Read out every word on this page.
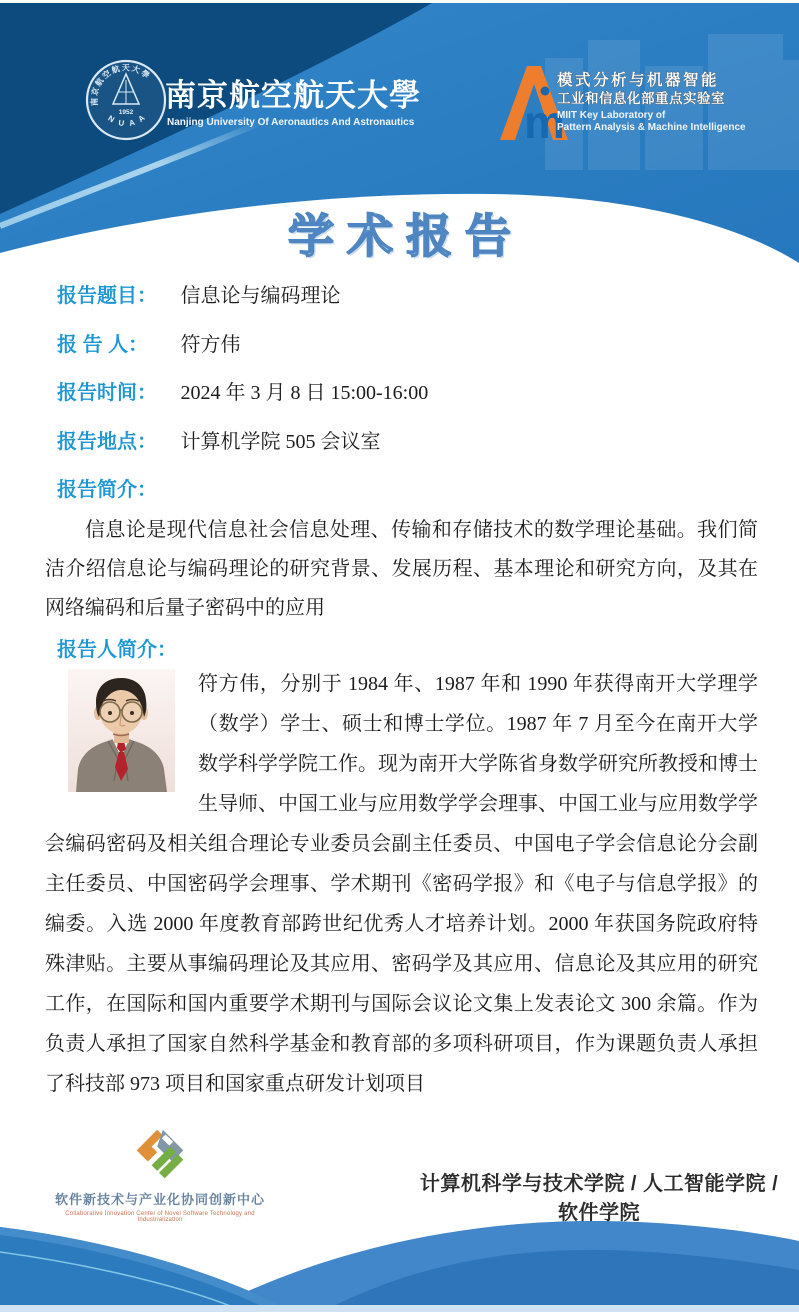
南京航空航天大學
1952
N U A A
南京航空航天大學
Nanjing University Of Aeronautics And Astronautics m
模式分析与机器智能
工业和信息化部重点实验室
MIIT Key Laboratory of
Pattern Analysis & Machine Intelligence
学术报告
报告题目： 信息论与编码理论
报 告 人： 符方伟
报告时间： 2024 年 3 月 8 日 15:00-16:00
报告地点： 计算机学院 505 会议室
报告简介：
信息论是现代信息社会信息处理、传输和存储技术的数学理论基础。我们简洁介绍信息论与编码理论的研究背景、发展历程、基本理论和研究方向，及其在网络编码和后量子密码中的应用
报告人简介：
符方伟，分别于 1984 年、1987 年和 1990 年获得南开大学理学（数学）学士、硕士和博士学位。1987 年 7 月至今在南开大学数学科学学院工作。现为南开大学陈省身数学研究所教授和博士生导师、中国工业与应用数学学会理事、中国工业与应用数学学会编码密码及相关组合理论专业委员会副主任委员、中国电子学会信息论分会副主任委员、中国密码学会理事、学术期刊《密码学报》和《电子与信息学报》的编委。入选 2000 年度教育部跨世纪优秀人才培养计划。2000 年获国务院政府特殊津贴。主要从事编码理论及其应用、密码学及其应用、信息论及其应用的研究工作，在国际和国内重要学术期刊与国际会议论文集上发表论文 300 余篇。作为负责人承担了国家自然科学基金和教育部的多项科研项目，作为课题负责人承担了科技部 973 项目和国家重点研发计划项目
软件新技术与产业化协同创新中心
Collaborative Innovation Center of Novel Software Technology and Industrialization
计算机科学与技术学院 / 人工智能学院 / 软件学院
